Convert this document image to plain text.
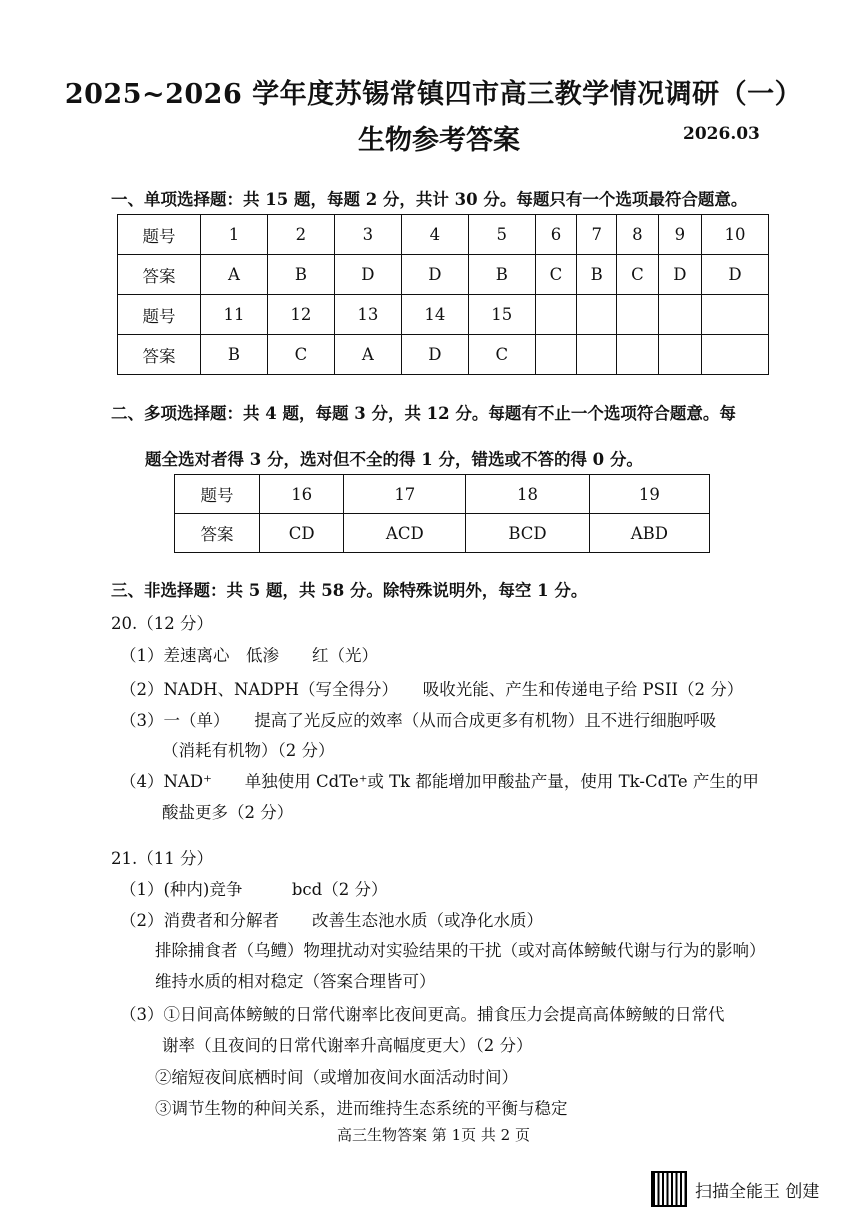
2025~2026 学年度苏锡常镇四市高三教学情况调研（一）
生物参考答案	2026.03
一、单项选择题：共 15 题，每题 2 分，共计 30 分。每题只有一个选项最符合题意。
题号	1	2	3	4	5	6	7	8	9	10
答案	A	B	D	D	B	C	B	C	D	D
题号	11	12	13	14	15					
答案	B	C	A	D	C					
二、多项选择题：共 4 题，每题 3 分，共 12 分。每题有不止一个选项符合题意。每
题全选对者得 3 分，选对但不全的得 1 分，错选或不答的得 0 分。
题号	16	17	18	19
答案	CD	ACD	BCD	ABD
三、非选择题：共 5 题，共 58 分。除特殊说明外，每空 1 分。
20.（12 分）
（1）差速离心　低渗　　红（光）
（2）NADH、NADPH（写全得分）　　吸收光能、产生和传递电子给 PSII（2 分）
（3）一（单）　　提高了光反应的效率（从而合成更多有机物）且不进行细胞呼吸
（消耗有机物）（2 分）
（4）NAD⁺　　单独使用 CdTe⁺或 Tk 都能增加甲酸盐产量，使用 Tk-CdTe 产生的甲
酸盐更多（2 分）
21.（11 分）
（1）(种内)竞争　　　bcd（2 分）
（2）消费者和分解者　　改善生态池水质（或净化水质）
排除捕食者（乌鳢）物理扰动对实验结果的干扰（或对高体鳑鲏代谢与行为的影响）
维持水质的相对稳定（答案合理皆可）
（3）①日间高体鳑鲏的日常代谢率比夜间更高。捕食压力会提高高体鳑鲏的日常代
谢率（且夜间的日常代谢率升高幅度更大）（2 分）
②缩短夜间底栖时间（或增加夜间水面活动时间）
③调节生物的种间关系，进而维持生态系统的平衡与稳定
高三生物答案 第 1页 共 2 页
扫描全能王 创建
